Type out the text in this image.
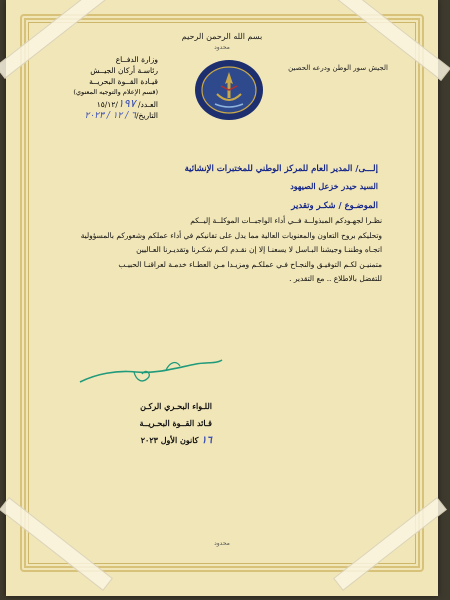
بسم الله الرحمن الرحيم
محدود
الجيش سور الوطن ودرعه الحصين
وزارة الدفــاع
رئاسـة أركان الجيــش
قيـادة القــوة البحريــة
(قسم الإعلام والتوجيه المعنوي)
العـدد/ ١٥/١٢/١٩٧
التاريخ/٦ / ١٢ / ٢٠٢٣
إلـــى/ المدير العام للمركز الوطني للمختبرات الإنشائية
السيد حيدر خزعل الصيهود
الموضـوع / شكـر وتقدير

نظـرا لجهـودكم المبذولــة فــي أداء الواجبــات الموكلــة إليــكم

وتحليكم بروح التعاون والمعنويات العالية مما يدل على تفانيكم في أداء عملكم وشعوركم بالمسؤولية

اتجـاه وطننـا وجيشنا البـاسل لا يسعنـا إلا إن نقـدم لكـم شكـرنا وتقديـرنا العـاليين

متمنيـن لكـم التوفيـق والنجـاح فـي عملكـم ومزيـدا مـن العطـاء خدمـة لعراقنـا الحبيـب

للتفضل بالاطلاع .. مع التقدير .

اللـواء البحـري الركـن
قـائد القــوة البحـريــة
١٦ كانون الأول ٢٠٢٣
محدود
